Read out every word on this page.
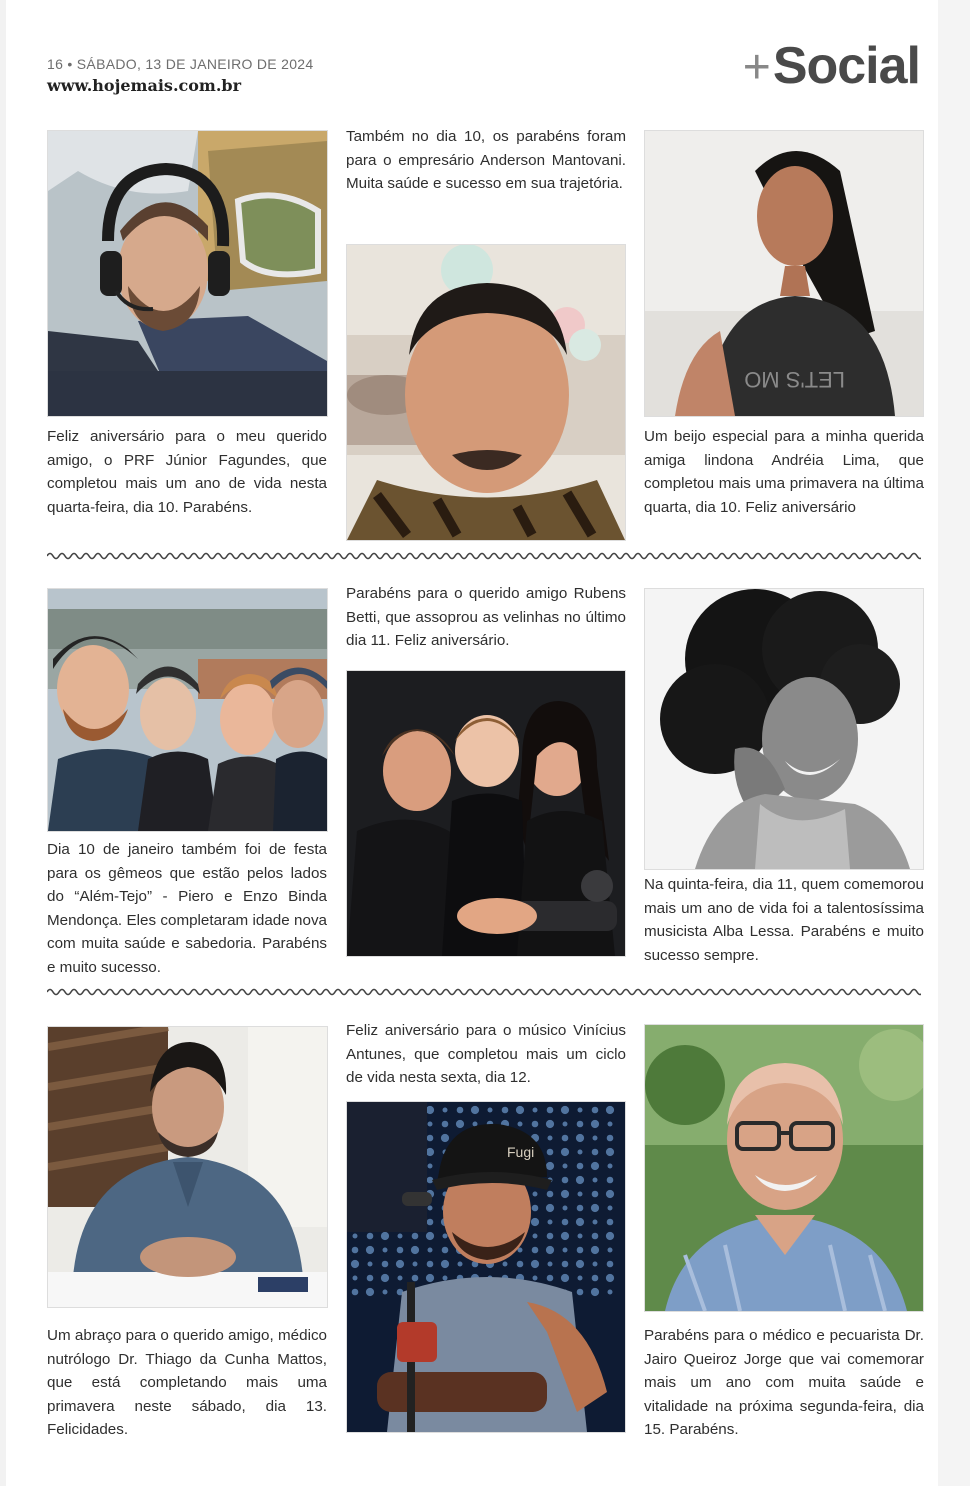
16 • SÁBADO, 13 DE JANEIRO DE 2024
www.hojemais.com.br	+Social

Feliz aniversário para o meu querido amigo, o PRF Júnior Fagundes, que completou mais um ano de vida nesta quarta-feira, dia 10. Parabéns.

Também no dia 10, os parabéns foram para o empresário Anderson Mantovani. Muita saúde e sucesso em sua trajetória.

LET'S MO

Um beijo especial para a minha querida amiga lindona Andréia Lima, que completou mais uma primavera na última quarta, dia 10. Feliz aniversário

Dia 10 de janeiro também foi de festa para os gêmeos que estão pelos lados do “Além-Tejo” - Piero e Enzo Binda Mendonça. Eles completaram idade nova com muita saúde e sabedoria. Parabéns e muito sucesso.

Parabéns para o querido amigo Rubens Betti, que assoprou as velinhas no último dia 11. Feliz aniversário.

Na quinta-feira, dia 11, quem comemorou mais um ano de vida foi a talentosíssima musicista Alba Lessa. Parabéns e muito sucesso sempre.

Um abraço para o querido amigo, médico nutrólogo Dr. Thiago da Cunha Mattos, que está completando mais uma primavera neste sábado, dia 13. Felicidades.

Feliz aniversário para o músico Vinícius Antunes, que completou mais um ciclo de vida nesta sexta, dia 12.

Fugi

Parabéns para o médico e pecuarista Dr. Jairo Queiroz Jorge que vai comemorar mais um ano com muita saúde e vitalidade na próxima segunda-feira, dia 15. Parabéns.
